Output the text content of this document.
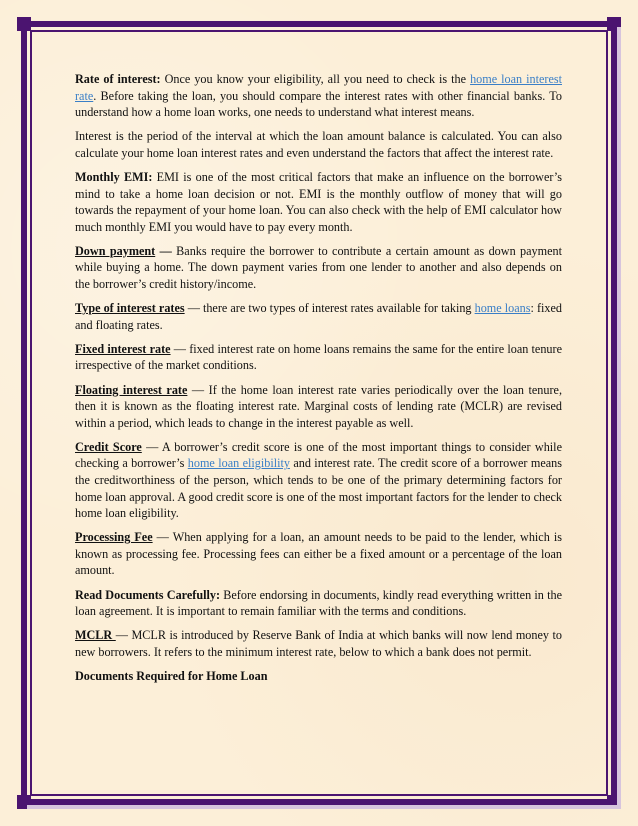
Rate of interest: Once you know your eligibility, all you need to check is the home loan interest rate. Before taking the loan, you should compare the interest rates with other financial banks. To understand how a home loan works, one needs to understand what interest means.

Interest is the period of the interval at which the loan amount balance is calculated. You can also calculate your home loan interest rates and even understand the factors that affect the interest rate.

Monthly EMI: EMI is one of the most critical factors that make an influence on the borrower’s mind to take a home loan decision or not. EMI is the monthly outflow of money that will go towards the repayment of your home loan. You can also check with the help of EMI calculator how much monthly EMI you would have to pay every month.

Down payment — Banks require the borrower to contribute a certain amount as down payment while buying a home. The down payment varies from one lender to another and also depends on the borrower’s credit history/income.

Type of interest rates — there are two types of interest rates available for taking home loans: fixed and floating rates.

Fixed interest rate — fixed interest rate on home loans remains the same for the entire loan tenure irrespective of the market conditions.

Floating interest rate — If the home loan interest rate varies periodically over the loan tenure, then it is known as the floating interest rate. Marginal costs of lending rate (MCLR) are revised within a period, which leads to change in the interest payable as well.

Credit Score — A borrower’s credit score is one of the most important things to consider while checking a borrower’s home loan eligibility and interest rate. The credit score of a borrower means the creditworthiness of the person, which tends to be one of the primary determining factors for home loan approval. A good credit score is one of the most important factors for the lender to check home loan eligibility.

Processing Fee — When applying for a loan, an amount needs to be paid to the lender, which is known as processing fee. Processing fees can either be a fixed amount or a percentage of the loan amount.

Read Documents Carefully: Before endorsing in documents, kindly read everything written in the loan agreement. It is important to remain familiar with the terms and conditions.

MCLR — MCLR is introduced by Reserve Bank of India at which banks will now lend money to new borrowers. It refers to the minimum interest rate, below to which a bank does not permit.

Documents Required for Home Loan
